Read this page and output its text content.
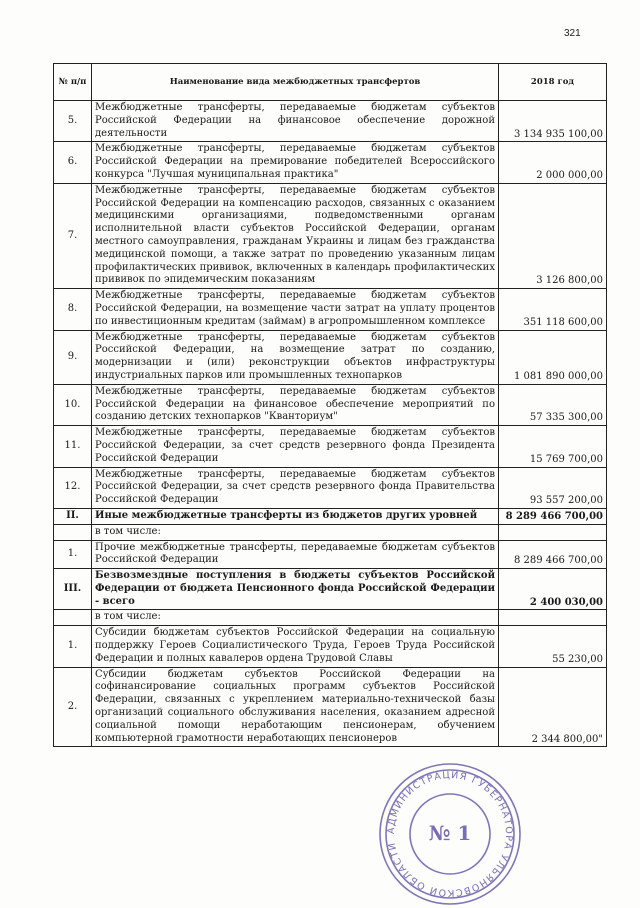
321
№ п/п	Наименование вида межбюджетных трансфертов	2018 год
5.	Межбюджетные трансферты, передаваемые бюджетам субъектов Российской Федерации на финансовое обеспечение дорожной деятельности	3 134 935 100,00
6.	Межбюджетные трансферты, передаваемые бюджетам субъектов Российской Федерации на премирование победителей Всероссийского конкурса "Лучшая муниципальная практика"	2 000 000,00
7.	Межбюджетные трансферты, передаваемые бюджетам субъектов Российской Федерации на компенсацию расходов, связанных с оказанием медицинскими организациями, подведомственными органам исполнительной власти субъектов Российской Федерации, органам местного самоуправления, гражданам Украины и лицам без гражданства медицинской помощи, а также затрат по проведению указанным лицам профилактических прививок, включенных в календарь профилактических прививок по эпидемическим показаниям	3 126 800,00
8.	Межбюджетные трансферты, передаваемые бюджетам субъектов Российской Федерации, на возмещение части затрат на уплату процентов по инвестиционным кредитам (займам) в агропромышленном комплексе	351 118 600,00
9.	Межбюджетные трансферты, передаваемые бюджетам субъектов Российской Федерации, на возмещение затрат по созданию, модернизации и (или) реконструкции объектов инфраструктуры индустриальных парков или промышленных технопарков	1 081 890 000,00
10.	Межбюджетные трансферты, передаваемые бюджетам субъектов Российской Федерации на финансовое обеспечение мероприятий по созданию детских технопарков "Кванториум"	57 335 300,00
11.	Межбюджетные трансферты, передаваемые бюджетам субъектов Российской Федерации, за счет средств резервного фонда Президента Российской Федерации	15 769 700,00
12.	Межбюджетные трансферты, передаваемые бюджетам субъектов Российской Федерации, за счет средств резервного фонда Правительства Российской Федерации	93 557 200,00
II.	Иные межбюджетные трансферты из бюджетов других уровней	8 289 466 700,00
	в том числе:	
1.	Прочие межбюджетные трансферты, передаваемые бюджетам субъектов Российской Федерации	8 289 466 700,00
III.	Безвозмездные поступления в бюджеты субъектов Российской Федерации от бюджета Пенсионного фонда Российской Федерации - всего	2 400 030,00
	в том числе:	
1.	Субсидии бюджетам субъектов Российской Федерации на социальную поддержку Героев Социалистического Труда, Героев Труда Российской Федерации и полных кавалеров ордена Трудовой Славы	55 230,00
2.	Субсидии бюджетам субъектов Российской Федерации на софинансирование социальных программ субъектов Российской Федерации, связанных с укреплением материально-технической базы организаций социального обслуживания населения, оказанием адресной социальной помощи неработающим пенсионерам, обучением компьютерной грамотности неработающих пенсионеров	2 344 800,00"
АДМИНИСТРАЦИЯ ГУБЕРНАТОРА УЛЬЯНОВСКОЙ ОБЛАСТИ
№ 1
